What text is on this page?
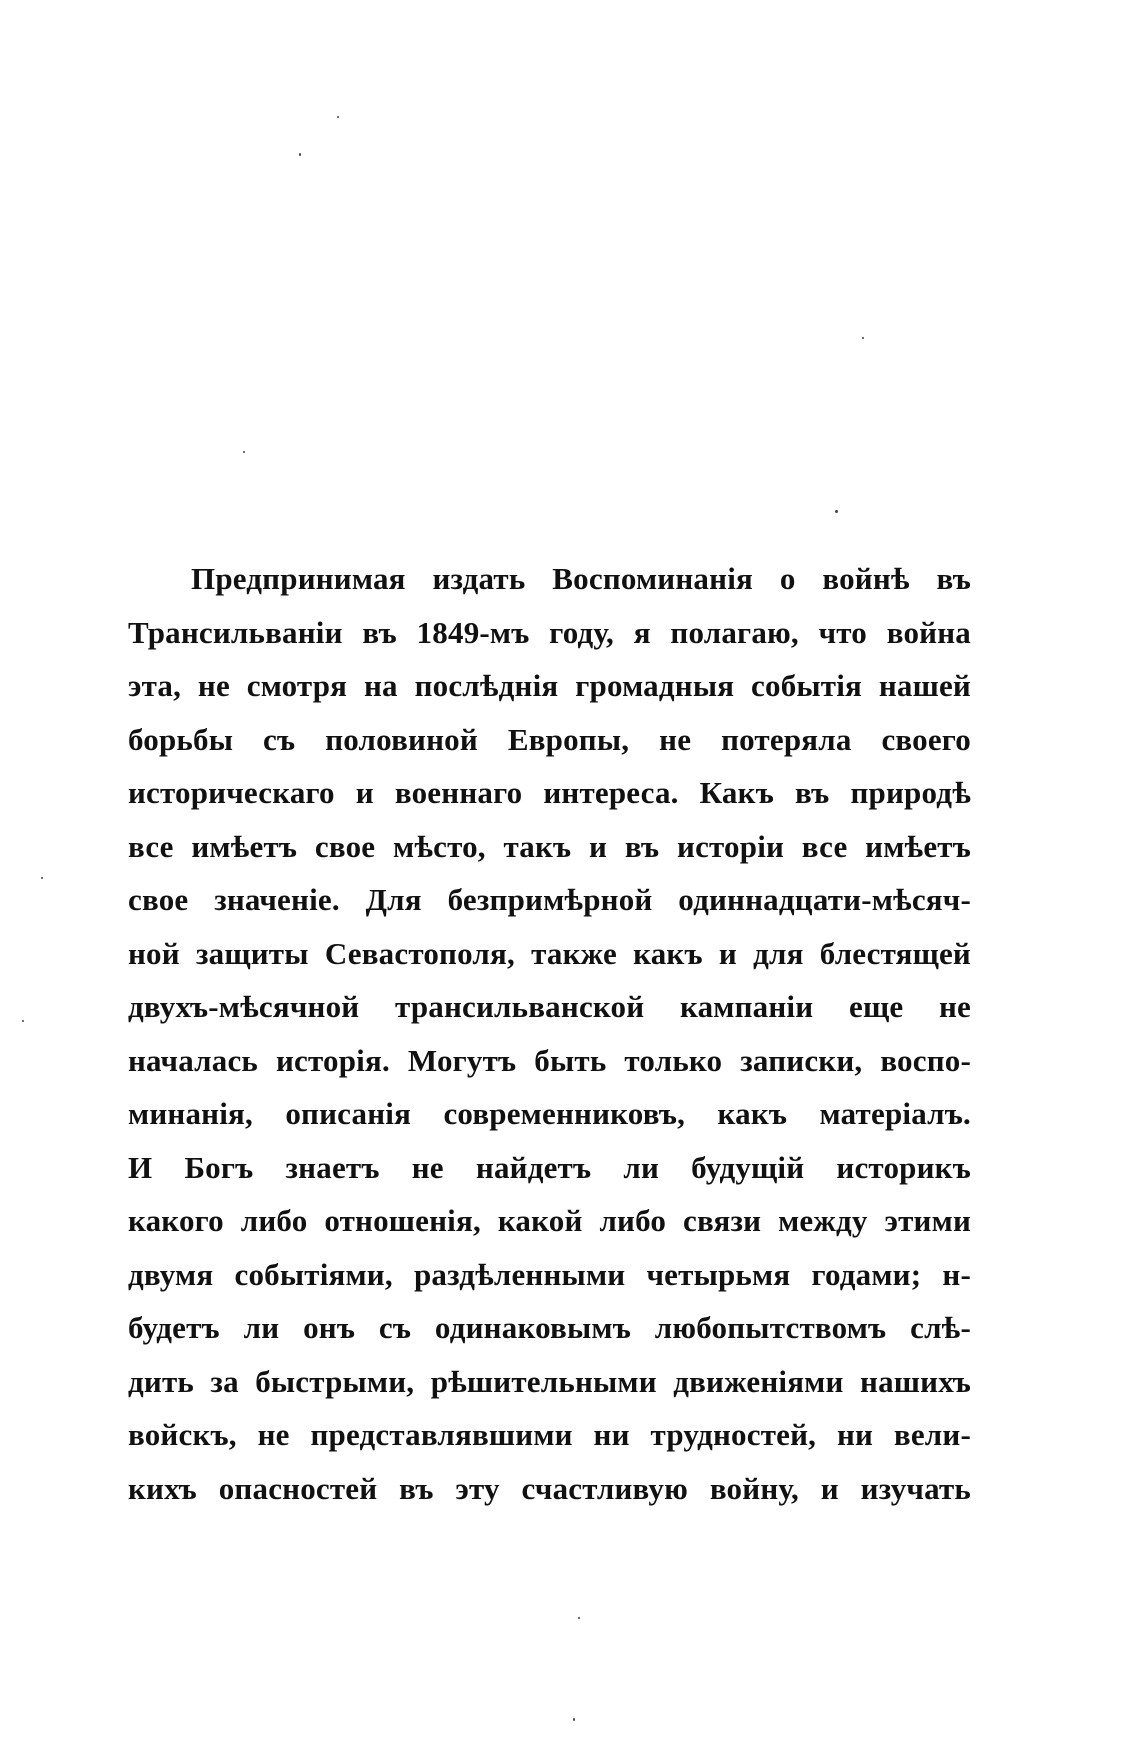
Предпринимая издать Воспоминанія о войнѣ въ
Трансильваніи въ 1849-мъ году, я полагаю, что война
эта, не смотря на послѣднія громадныя событія нашей
борьбы съ половиной Европы, не потеряла своего
историческаго и военнаго интереса. Какъ въ природѣ
все имѣетъ свое мѣсто, такъ и въ исторіи все имѣетъ
свое значеніе. Для безпримѣрной одиннадцати-мѣсяч-
ной защиты Севастополя, также какъ и для блестящей
двухъ-мѣсячной трансильванской кампаніи еще не
началась исторія. Могутъ быть только записки, воспо-
минанія, описанія современниковъ, какъ матеріалъ.
И Богъ знаетъ не найдетъ ли будущій историкъ
какого либо отношенія, какой либо связи между этими
двумя событіями, раздѣленными четырьмя годами; н-
будетъ ли онъ съ одинаковымъ любопытствомъ слѣ-
дить за быстрыми, рѣшительными движеніями нашихъ
войскъ, не представлявшими ни трудностей, ни вели-
кихъ опасностей въ эту счастливую войну, и изучать
